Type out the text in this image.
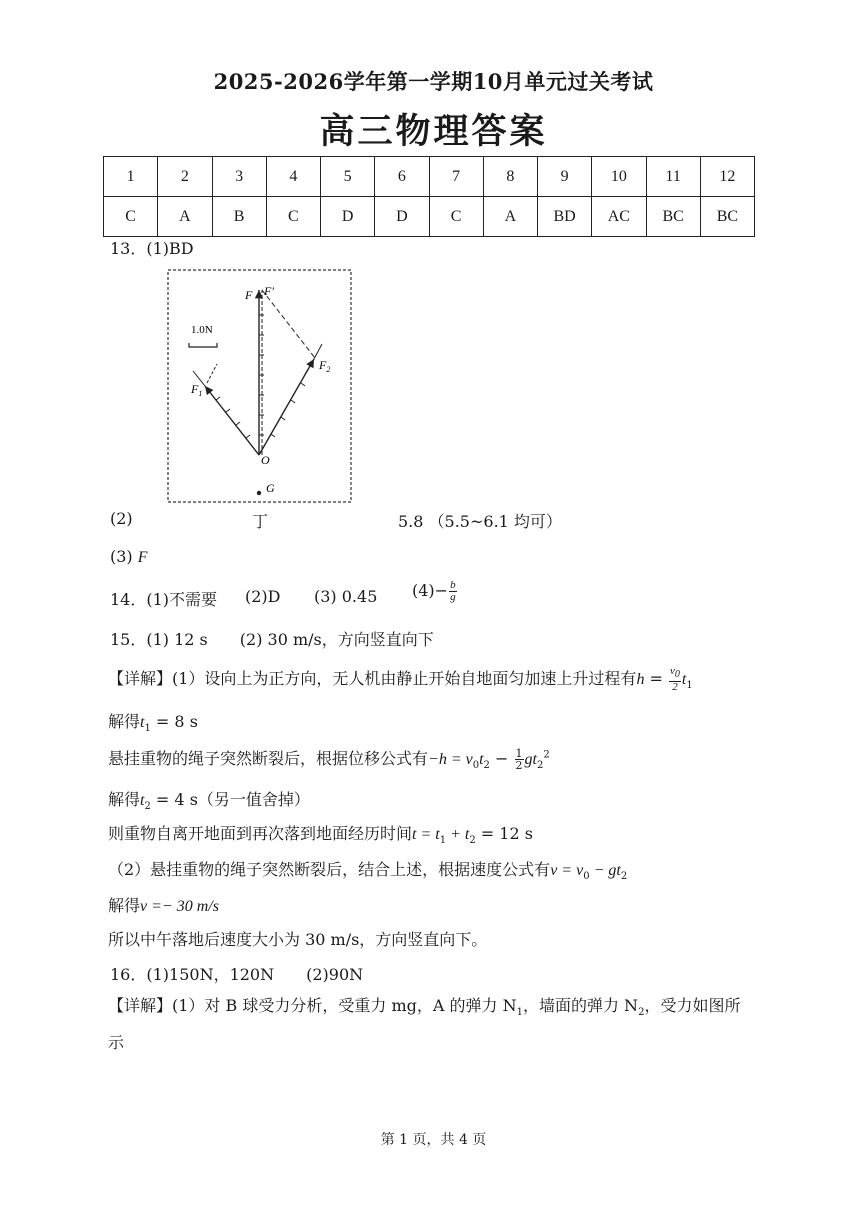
2025-2026学年第一学期10月单元过关考试
高三物理答案
1	2	3	4	5	6	7	8	9	10	11	12
C	A	B	C	D	D	C	A	BD	AC	BC	BC
13．(1)BD
1.0N
F F′
$F_1$
$F_2$
O
G
(2)	丁	5.8 （5.5~6.1 均可）
(3) F
14．(1)不需要 (2)D (3) 0.45 $(4)- \frac{b}{g}$
15．(1) 12 s　　(2) 30 m/s，方向竖直向下
【详解】(1）设向上为正方向，无人机由静止开始自地面匀加速上升过程有$h = \frac{v_0}{2} t_1$
解得$t_1 = 8$ s
悬挂重物的绳子突然断裂后，根据位移公式有$-h = v_0t_2 - \frac{1}{2} gt_2^2$
解得$t_2 = 4$ s（另一值舍掉）
则重物自离开地面到再次落到地面经历时间$t = t_1 + t_2 = 12$ s
（2）悬挂重物的绳子突然断裂后，结合上述，根据速度公式有$v = v_0 - gt_2$
解得v =− 30 m/s
所以中午落地后速度大小为 30 m/s，方向竖直向下。
16．(1)150N，120N　　(2)90N
【详解】(1）对 B 球受力分析，受重力 mg，A 的弹力 $N_1$，墙面的弹力 $N_2$，受力如图所
示
第 1 页，共 4 页
